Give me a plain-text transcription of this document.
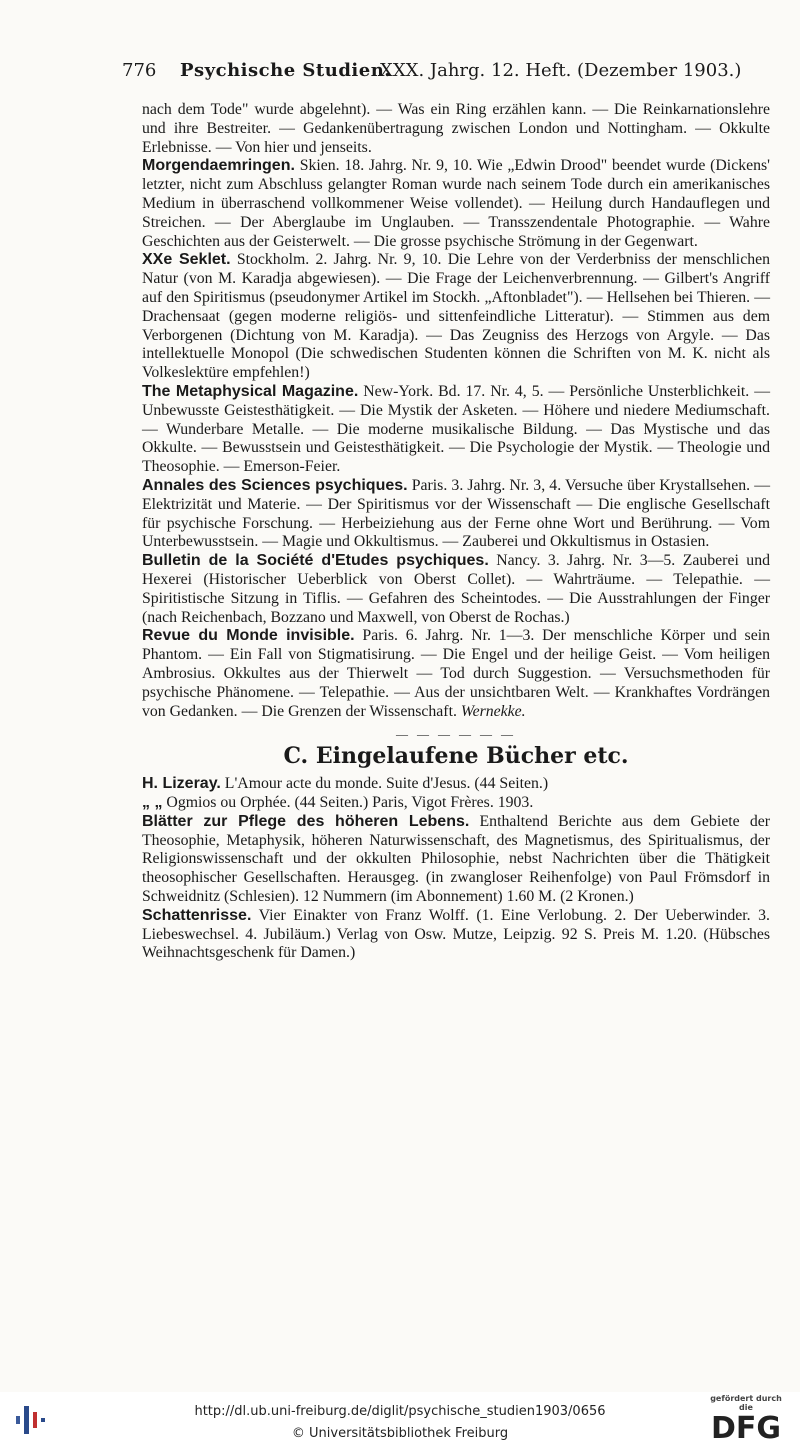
776 Psychische Studien.
XXX. Jahrg. 12. Heft. (Dezember 1903.)

nach dem Tode" wurde abgelehnt). — Was ein Ring erzählen kann. — Die Reinkarnationslehre und ihre Bestreiter. — Gedankenübertragung zwischen London und Nottingham. — Okkulte Erlebnisse. — Von hier und jenseits.

Morgendaemringen. Skien. 18. Jahrg. Nr. 9, 10. Wie „Edwin Drood" beendet wurde (Dickens' letzter, nicht zum Abschluss gelangter Roman wurde nach seinem Tode durch ein amerikanisches Medium in überraschend vollkommener Weise vollendet). — Heilung durch Handauflegen und Streichen. — Der Aberglaube im Unglauben. — Transszendentale Photographie. — Wahre Geschichten aus der Geisterwelt. — Die grosse psychische Strömung in der Gegenwart.

XXe Seklet. Stockholm. 2. Jahrg. Nr. 9, 10. Die Lehre von der Verderbniss der menschlichen Natur (von M. Karadja abgewiesen). — Die Frage der Leichenverbrennung. — Gilbert's Angriff auf den Spiritismus (pseudonymer Artikel im Stockh. „Aftonbladet"). — Hellsehen bei Thieren. — Drachensaat (gegen moderne religiös- und sittenfeindliche Litteratur). — Stimmen aus dem Verborgenen (Dichtung von M. Karadja). — Das Zeugniss des Herzogs von Argyle. — Das intellektuelle Monopol (Die schwedischen Studenten können die Schriften von M. K. nicht als Volkeslektüre empfehlen!)

The Metaphysical Magazine. New-York. Bd. 17. Nr. 4, 5. — Persönliche Unsterblichkeit. — Unbewusste Geistesthätigkeit. — Die Mystik der Asketen. — Höhere und niedere Mediumschaft. — Wunderbare Metalle. — Die moderne musikalische Bildung. — Das Mystische und das Okkulte. — Bewusstsein und Geistesthätigkeit. — Die Psychologie der Mystik. — Theologie und Theosophie. — Emerson-Feier.

Annales des Sciences psychiques. Paris. 3. Jahrg. Nr. 3, 4. Versuche über Krystallsehen. — Elektrizität und Materie. — Der Spiritismus vor der Wissenschaft — Die englische Gesellschaft für psychische Forschung. — Herbeiziehung aus der Ferne ohne Wort und Berührung. — Vom Unterbewusstsein. — Magie und Okkultismus. — Zauberei und Okkultismus in Ostasien.

Bulletin de la Société d'Etudes psychiques. Nancy. 3. Jahrg. Nr. 3—5. Zauberei und Hexerei (Historischer Ueberblick von Oberst Collet). — Wahrträume. — Telepathie. — Spiritistische Sitzung in Tiflis. — Gefahren des Scheintodes. — Die Ausstrahlungen der Finger (nach Reichenbach, Bozzano und Maxwell, von Oberst de Rochas.)

Revue du Monde invisible. Paris. 6. Jahrg. Nr. 1—3. Der menschliche Körper und sein Phantom. — Ein Fall von Stigmatisirung. — Die Engel und der heilige Geist. — Vom heiligen Ambrosius. Okkultes aus der Thierwelt — Tod durch Suggestion. — Versuchsmethoden für psychische Phänomene. — Telepathie. — Aus der unsichtbaren Welt. — Krankhaftes Vordrängen von Gedanken. — Die Grenzen der Wissenschaft. Wernekke.

— — — — — —
C. Eingelaufene Bücher etc.

H. Lizeray. L'Amour acte du monde. Suite d'Jesus. (44 Seiten.)

„ „ Ogmios ou Orphée. (44 Seiten.) Paris, Vigot Frères. 1903.

Blätter zur Pflege des höheren Lebens. Enthaltend Berichte aus dem Gebiete der Theosophie, Metaphysik, höheren Naturwissenschaft, des Magnetismus, des Spiritualismus, der Religionswissenschaft und der okkulten Philosophie, nebst Nachrichten über die Thätigkeit theosophischer Gesellschaften. Herausgeg. (in zwangloser Reihenfolge) von Paul Frömsdorf in Schweidnitz (Schlesien). 12 Nummern (im Abonnement) 1.60 M. (2 Kronen.)

Schattenrisse. Vier Einakter von Franz Wolff. (1. Eine Verlobung. 2. Der Ueberwinder. 3. Liebeswechsel. 4. Jubiläum.) Verlag von Osw. Mutze, Leipzig. 92 S. Preis M. 1.20. (Hübsches Weihnachtsgeschenk für Damen.)

http://dl.ub.uni-freiburg.de/diglit/psychische_studien1903/0656
© Universitätsbibliothek Freiburg
gefördert durch die
DFG
